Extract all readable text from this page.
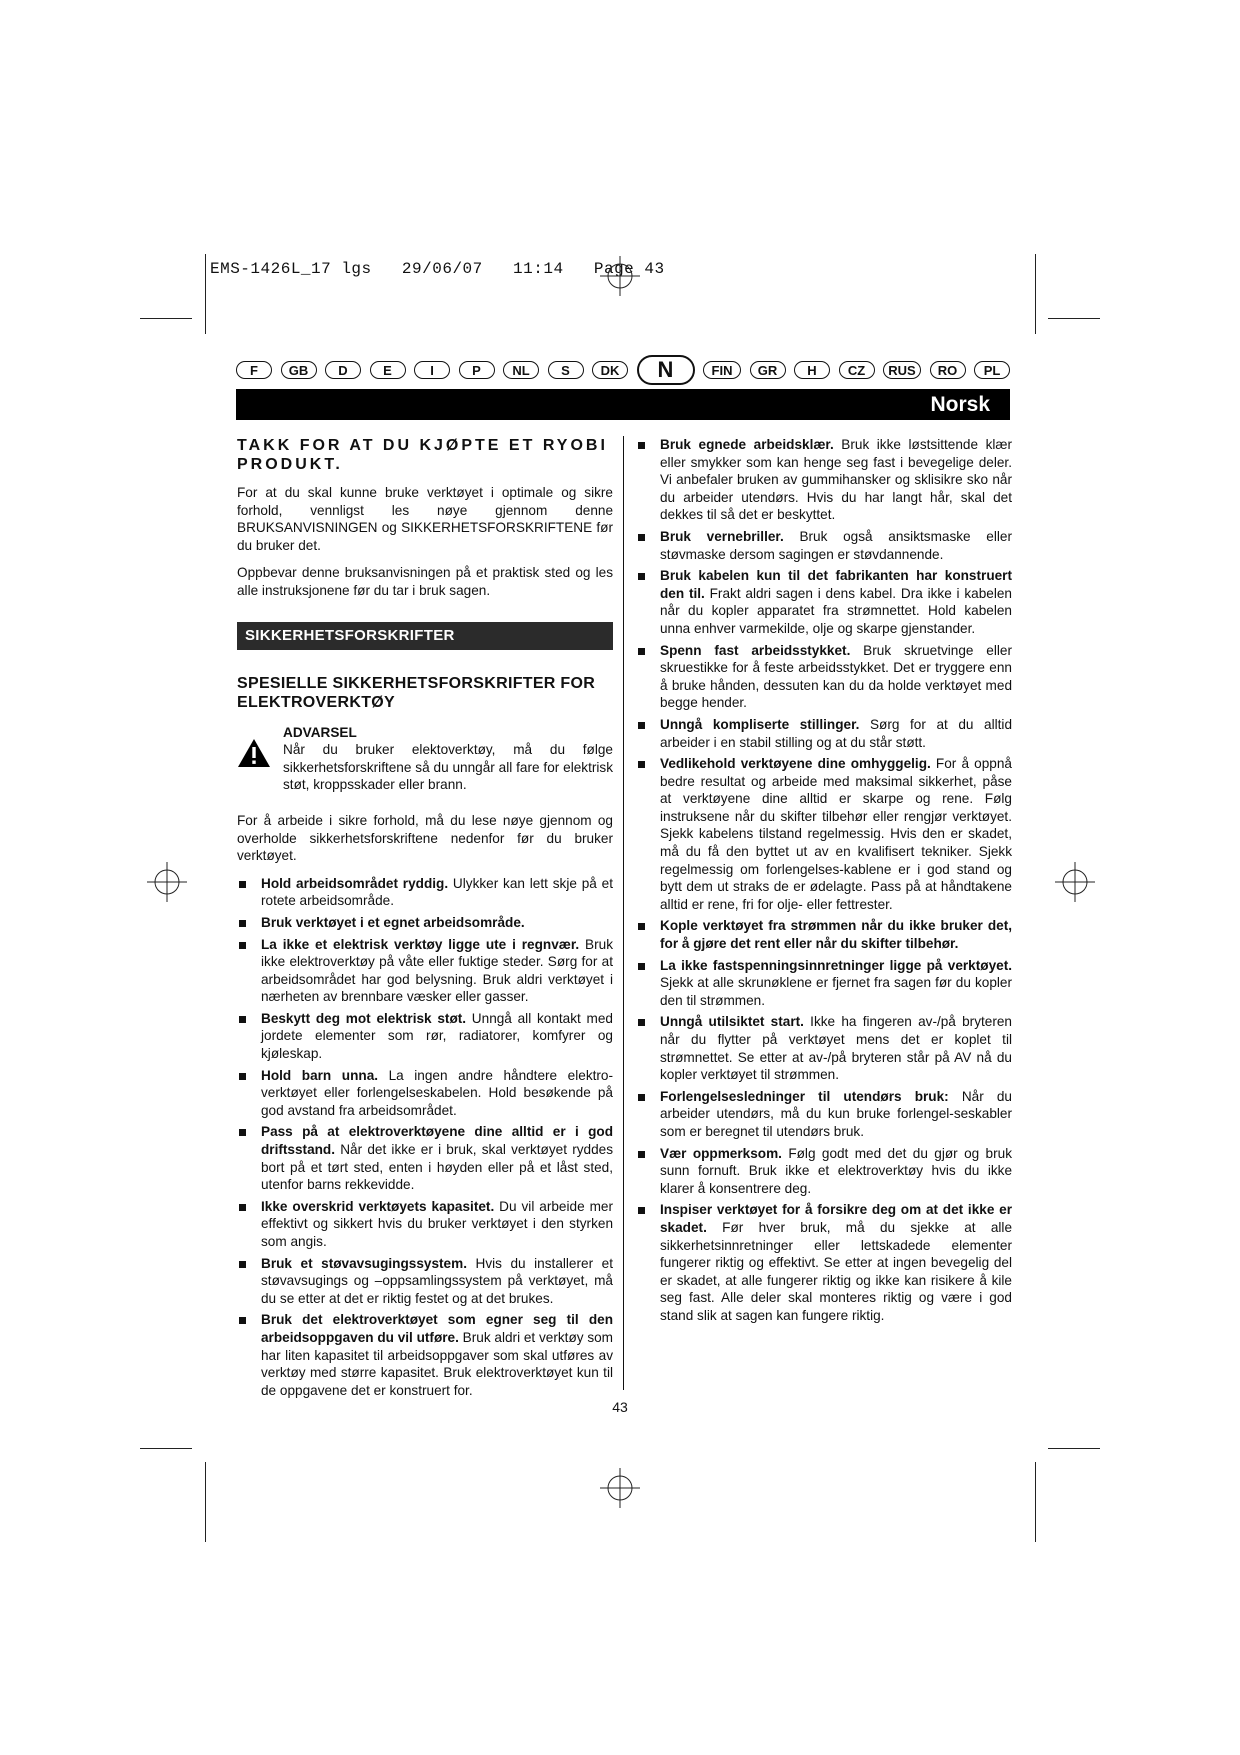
EMS-1426L_17 lgs   29/06/07   11:14   Page 43
F	GB	D	E	I	P	NL	S	DK	N	FIN	GR	H	CZ	RUS	RO	PL
Norsk
TAKK FOR AT DU KJØPTE ET RYOBI PRODUKT.

For at du skal kunne bruke verktøyet i optimale og sikre forhold, vennligst les nøye gjennom denne BRUKSANVISNINGEN og SIKKERHETSFORSKRIFTENE før du bruker det.

Oppbevar denne bruksanvisningen på et praktisk sted og les alle instruksjonene før du tar i bruk sagen.

SIKKERHETSFORSKRIFTER
SPESIELLE SIKKERHETSFORSKRIFTER FOR ELEKTROVERKTØY
ADVARSEL
Når du bruker elektoverktøy, må du følge sikkerhetsforskriftene så du unngår all fare for elektrisk støt, kroppsskader eller brann.

For å arbeide i sikre forhold, må du lese nøye gjennom og overholde sikkerhetsforskriftene nedenfor før du bruker verktøyet.

Hold arbeidsområdet ryddig. Ulykker kan lett skje på et rotete arbeidsområde.
Bruk verktøyet i et egnet arbeidsområde.
La ikke et elektrisk verktøy ligge ute i regnvær. Bruk ikke elektroverktøy på våte eller fuktige steder. Sørg for at arbeidsområdet har god belysning. Bruk aldri verktøyet i nærheten av brennbare væsker eller gasser.
Beskytt deg mot elektrisk støt. Unngå all kontakt med jordete elementer som rør, radiatorer, komfyrer og kjøleskap.
Hold barn unna. La ingen andre håndtere elektro-verktøyet eller forlengelseskabelen. Hold besøkende på god avstand fra arbeidsområdet.
Pass på at elektroverktøyene dine alltid er i god driftsstand. Når det ikke er i bruk, skal verktøyet ryddes bort på et tørt sted, enten i høyden eller på et låst sted, utenfor barns rekkevidde.
Ikke overskrid verktøyets kapasitet. Du vil arbeide mer effektivt og sikkert hvis du bruker verktøyet i den styrken som angis.
Bruk et støvavsugingssystem. Hvis du installerer et støvavsugings og –oppsamlingssystem på verktøyet, må du se etter at det er riktig festet og at det brukes.
Bruk det elektroverktøyet som egner seg til den arbeidsoppgaven du vil utføre. Bruk aldri et verktøy som har liten kapasitet til arbeidsoppgaver som skal utføres av verktøy med større kapasitet. Bruk elektroverktøyet kun til de oppgavene det er konstruert for.
Bruk egnede arbeidsklær. Bruk ikke løstsittende klær eller smykker som kan henge seg fast i bevegelige deler. Vi anbefaler bruken av gummihansker og sklisikre sko når du arbeider utendørs. Hvis du har langt hår, skal det dekkes til så det er beskyttet.
Bruk vernebriller. Bruk også ansiktsmaske eller støvmaske dersom sagingen er støvdannende.
Bruk kabelen kun til det fabrikanten har konstruert den til. Frakt aldri sagen i dens kabel. Dra ikke i kabelen når du kopler apparatet fra strømnettet. Hold kabelen unna enhver varmekilde, olje og skarpe gjenstander.
Spenn fast arbeidsstykket. Bruk skruetvinge eller skruestikke for å feste arbeidsstykket. Det er tryggere enn å bruke hånden, dessuten kan du da holde verktøyet med begge hender.
Unngå kompliserte stillinger. Sørg for at du alltid arbeider i en stabil stilling og at du står støtt.
Vedlikehold verktøyene dine omhyggelig. For å oppnå bedre resultat og arbeide med maksimal sikkerhet, påse at verktøyene dine alltid er skarpe og rene. Følg instruksene når du skifter tilbehør eller rengjør verktøyet. Sjekk kabelens tilstand regelmessig. Hvis den er skadet, må du få den byttet ut av en kvalifisert tekniker. Sjekk regelmessig om forlengelses-kablene er i god stand og bytt dem ut straks de er ødelagte. Pass på at håndtakene alltid er rene, fri for olje- eller fettrester.
Kople verktøyet fra strømmen når du ikke bruker det, for å gjøre det rent eller når du skifter tilbehør.
La ikke fastspenningsinnretninger ligge på verktøyet. Sjekk at alle skrunøklene er fjernet fra sagen før du kopler den til strømmen.
Unngå utilsiktet start. Ikke ha fingeren av-/på bryteren når du flytter på verktøyet mens det er koplet til strømnettet. Se etter at av-/på bryteren står på AV nå du kopler verktøyet til strømmen.
Forlengelsesledninger til utendørs bruk: Når du arbeider utendørs, må du kun bruke forlengel-seskabler som er beregnet til utendørs bruk.
Vær oppmerksom. Følg godt med det du gjør og bruk sunn fornuft. Bruk ikke et elektroverktøy hvis du ikke klarer å konsentrere deg.
Inspiser verktøyet for å forsikre deg om at det ikke er skadet. Før hver bruk, må du sjekke at alle sikkerhetsinnretninger eller lettskadede elementer fungerer riktig og effektivt. Se etter at ingen bevegelig del er skadet, at alle fungerer riktig og ikke kan risikere å kile seg fast. Alle deler skal monteres riktig og være i god stand slik at sagen kan fungere riktig.
43
